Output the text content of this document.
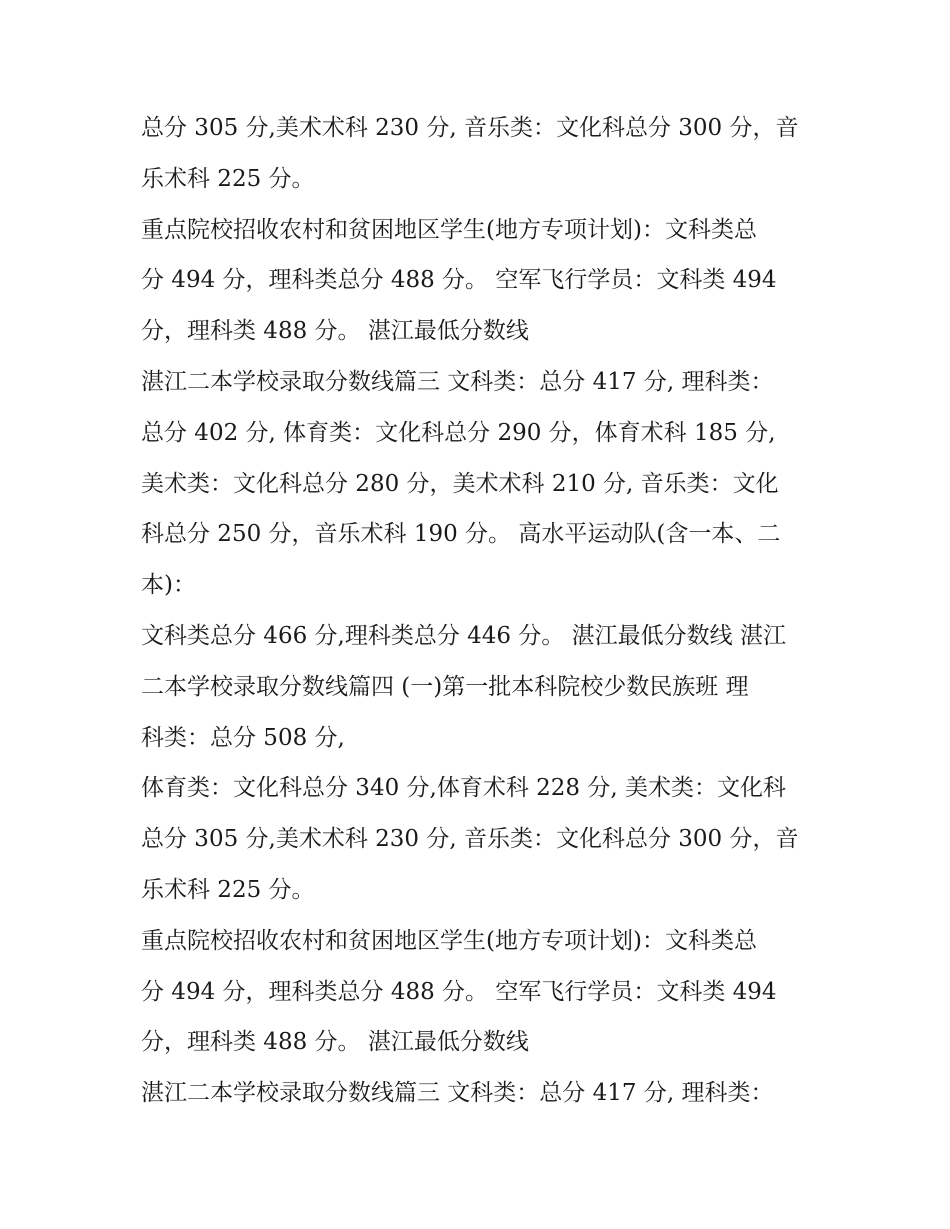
总分 305 分,美术术科 230 分, 音乐类：文化科总分 300 分，音
乐术科 225 分。
重点院校招收农村和贫困地区学生(地方专项计划)：文科类总
分 494 分，理科类总分 488 分。 空军飞行学员：文科类 494
分，理科类 488 分。 湛江最低分数线
湛江二本学校录取分数线篇三 文科类：总分 417 分, 理科类：
总分 402 分, 体育类：文化科总分 290 分，体育术科 185 分,
美术类：文化科总分 280 分，美术术科 210 分, 音乐类：文化
科总分 250 分，音乐术科 190 分。 高水平运动队(含一本、二
本)：
文科类总分 466 分,理科类总分 446 分。 湛江最低分数线 湛江
二本学校录取分数线篇四 (一)第一批本科院校少数民族班 理
科类：总分 508 分,
体育类：文化科总分 340 分,体育术科 228 分, 美术类：文化科
总分 305 分,美术术科 230 分, 音乐类：文化科总分 300 分，音
乐术科 225 分。
重点院校招收农村和贫困地区学生(地方专项计划)：文科类总
分 494 分，理科类总分 488 分。 空军飞行学员：文科类 494
分，理科类 488 分。 湛江最低分数线
湛江二本学校录取分数线篇三 文科类：总分 417 分, 理科类：
